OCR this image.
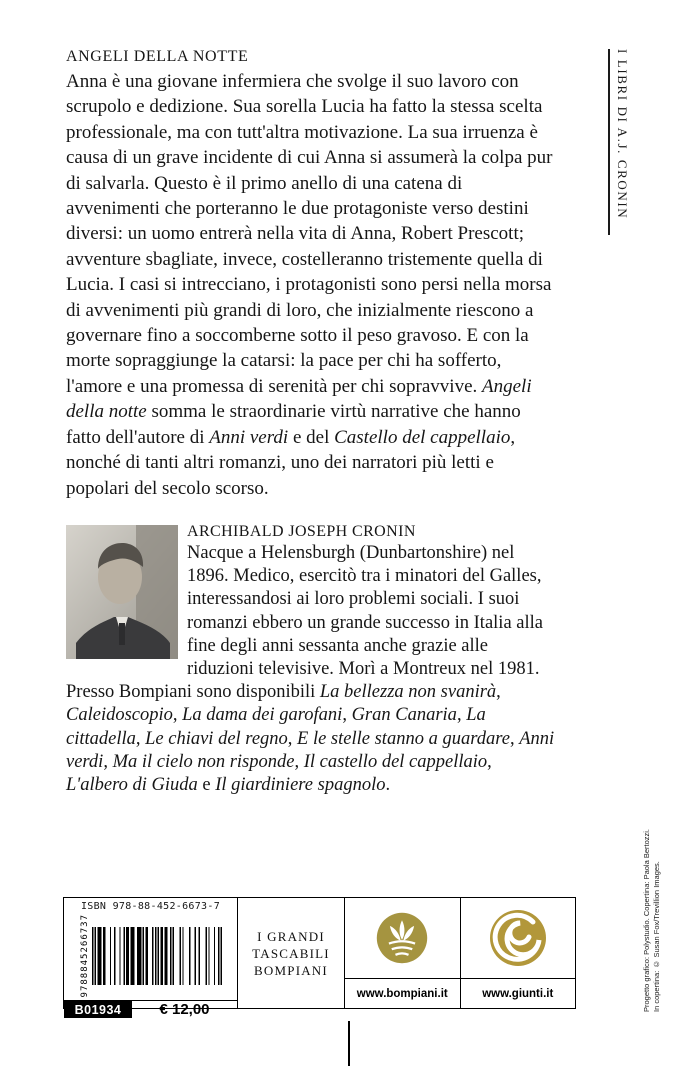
ANGELI DELLA NOTTE

Anna è una giovane infermiera che svolge il suo lavoro con scrupolo e dedizione. Sua sorella Lucia ha fatto la stessa scelta professionale, ma con tutt'altra motivazione. La sua irruenza è causa di un grave incidente di cui Anna si assumerà la colpa pur di salvarla. Questo è il primo anello di una catena di avvenimenti che porteranno le due protagoniste verso destini diversi: un uomo entrerà nella vita di Anna, Robert Prescott; avventure sbagliate, invece, costelleranno tristemente quella di Lucia. I casi si intrecciano, i protagonisti sono persi nella morsa di avvenimenti più grandi di loro, che inizialmente riescono a governare fino a soccomberne sotto il peso gravoso. E con la morte sopraggiunge la catarsi: la pace per chi ha sofferto, l'amore e una promessa di serenità per chi sopravvive. Angeli della notte somma le straordinarie virtù narrative che hanno fatto dell'autore di Anni verdi e del Castello del cappellaio, nonché di tanti altri romanzi, uno dei narratori più letti e popolari del secolo scorso.

ARCHIBALD JOSEPH CRONIN

Nacque a Helensburgh (Dunbartonshire) nel 1896. Medico, esercitò tra i minatori del Galles, interessandosi ai loro problemi sociali. I suoi romanzi ebbero un grande successo in Italia alla fine degli anni sessanta anche grazie alle riduzioni televisive. Morì a Montreux nel 1981. Presso Bompiani sono disponibili La bellezza non svanirà, Caleidoscopio, La dama dei garofani, Gran Canaria, La cittadella, Le chiavi del regno, E le stelle stanno a guardare, Anni verdi, Ma il cielo non risponde, Il castello del cappellaio, L'albero di Giuda e Il giardiniere spagnolo.

I LIBRI DI A.J. CRONIN
In copertina: © Susan Fox/Trevillion Images.
Progetto grafico: Polystudio. Copertina: Paola Bertozzi.
ISBN 978-88-452-6673-7
9788845266737
B01934	€ 12,00
I GRANDI
TASCABILI
BOMPIANI
www.bompiani.it	www.giunti.it
